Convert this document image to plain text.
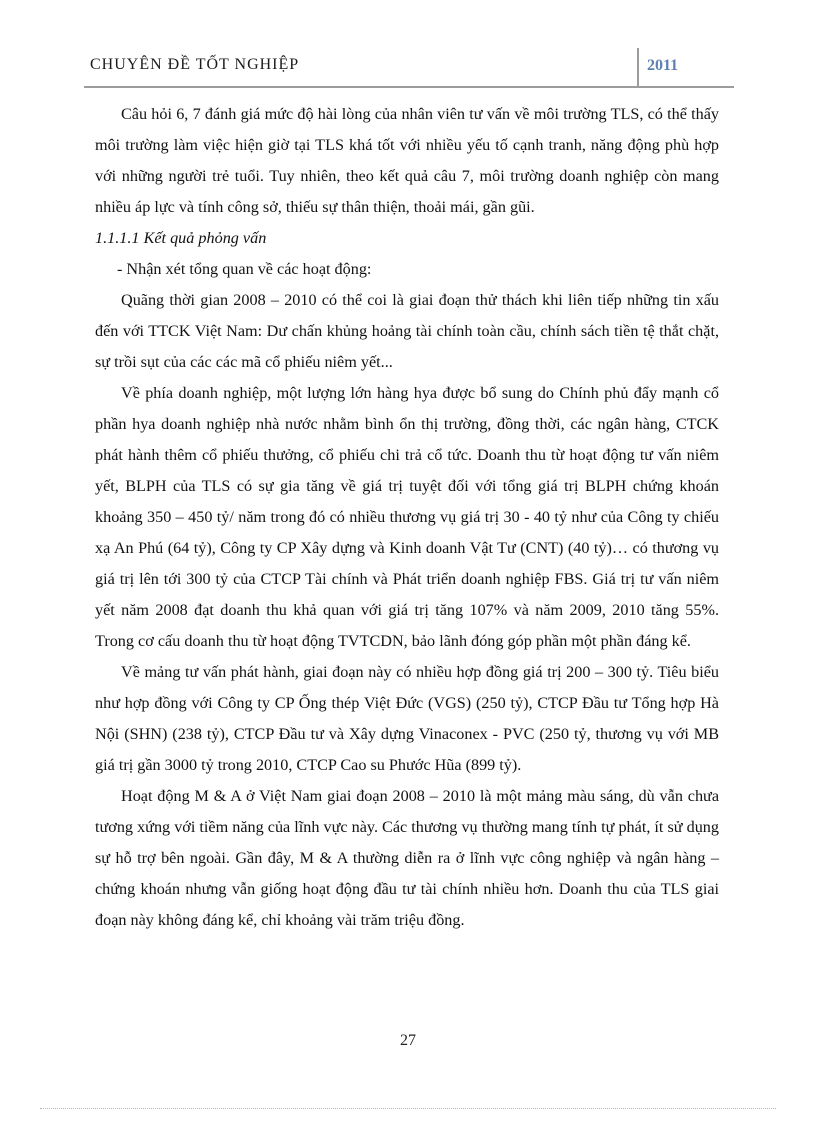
CHUYÊN ĐỀ TỐT NGHIỆP	2011

Câu hỏi 6, 7 đánh giá mức độ hài lòng của nhân viên tư vấn về môi trường TLS, có thể thấy môi trường làm việc hiện giờ tại TLS khá tốt với nhiều yếu tố cạnh tranh, năng động phù hợp với những người trẻ tuổi. Tuy nhiên, theo kết quả câu 7, môi trường doanh nghiệp còn mang nhiều áp lực và tính công sở, thiếu sự thân thiện, thoải mái, gần gũi.

1.1.1.1 Kết quả phỏng vấn

- Nhận xét tổng quan về các hoạt động:

Quãng thời gian 2008 – 2010 có thể coi là giai đoạn thử thách khi liên tiếp những tin xấu đến với TTCK Việt Nam: Dư chấn khủng hoảng tài chính toàn cầu, chính sách tiền tệ thắt chặt, sự trồi sụt của các các mã cổ phiếu niêm yết...

Về phía doanh nghiệp, một lượng lớn hàng hya được bổ sung do Chính phủ đẩy mạnh cổ phần hya doanh nghiệp nhà nước nhằm bình ổn thị trường, đồng thời, các ngân hàng, CTCK phát hành thêm cổ phiếu thưởng, cổ phiếu chi trả cổ tức. Doanh thu từ hoạt động tư vấn niêm yết, BLPH của TLS có sự gia tăng về giá trị tuyệt đối với tổng giá trị BLPH chứng khoán khoảng 350 – 450 tỷ/ năm trong đó có nhiều thương vụ giá trị 30 - 40 tỷ như của Công ty chiếu xạ An Phú (64 tỷ), Công ty CP Xây dựng và Kinh doanh Vật Tư (CNT) (40 tỷ)… có thương vụ giá trị lên tới 300 tỷ của CTCP Tài chính và Phát triển doanh nghiệp FBS. Giá trị tư vấn niêm yết năm 2008 đạt doanh thu khả quan với giá trị tăng 107% và năm 2009, 2010 tăng 55%. Trong cơ cấu doanh thu từ hoạt động TVTCDN, bảo lãnh đóng góp phần một phần đáng kể.

Về mảng tư vấn phát hành, giai đoạn này có nhiều hợp đồng giá trị 200 – 300 tỷ. Tiêu biểu như hợp đồng với Công ty CP Ống thép Việt Đức (VGS) (250 tỷ), CTCP Đầu tư Tổng hợp Hà Nội (SHN) (238 tỷ), CTCP Đầu tư và Xây dựng Vinaconex - PVC (250 tỷ, thương vụ với MB giá trị gần 3000 tỷ trong 2010, CTCP Cao su Phước Hũa (899 tỷ).

Hoạt động M & A ở Việt Nam giai đoạn 2008 – 2010 là một mảng màu sáng, dù vẫn chưa tương xứng với tiềm năng của lĩnh vực này. Các thương vụ thường mang tính tự phát, ít sử dụng sự hỗ trợ bên ngoài. Gần đây, M & A thường diễn ra ở lĩnh vực công nghiệp và ngân hàng – chứng khoán nhưng vẫn giống hoạt động đầu tư tài chính nhiều hơn. Doanh thu của TLS giai đoạn này không đáng kể, chỉ khoảng vài trăm triệu đồng.

27
